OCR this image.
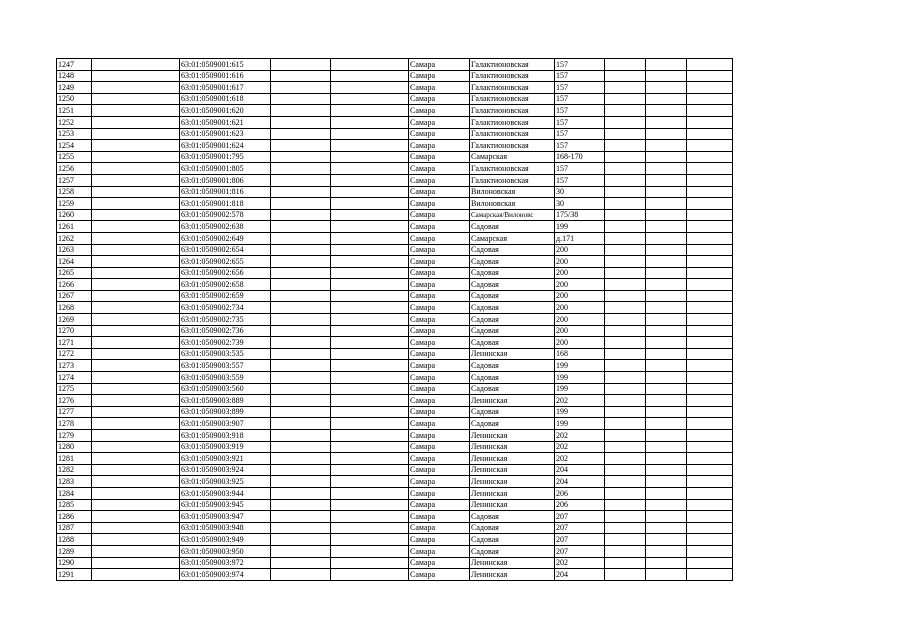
1247		63:01:0509001:615			Самара	Галактионовская	157			
1248		63:01:0509001:616			Самара	Галактионовская	157			
1249		63:01:0509001:617			Самара	Галактионовская	157			
1250		63:01:0509001:618			Самара	Галактионовская	157			
1251		63:01:0509001:620			Самара	Галактионовская	157			
1252		63:01:0509001:621			Самара	Галактионовская	157			
1253		63:01:0509001:623			Самара	Галактионовская	157			
1254		63:01:0509001:624			Самара	Галактионовская	157			
1255		63:01:0509001:795			Самара	Самарская	168-170			
1256		63:01:0509001:805			Самара	Галактионовская	157			
1257		63:01:0509001:806			Самара	Галактионовская	157			
1258		63:01:0509001:816			Самара	Вилоновская	30			
1259		63:01:0509001:818			Самара	Вилоновская	30			
1260		63:01:0509002:578			Самара	Самарская/Вилоновс	175/38			
1261		63:01:0509002:638			Самара	Садовая	199			
1262		63:01:0509002:649			Самара	Самарская	д.171			
1263		63:01:0509002:654			Самара	Садовая	200			
1264		63:01:0509002:655			Самара	Садовая	200			
1265		63:01:0509002:656			Самара	Садовая	200			
1266		63:01:0509002:658			Самара	Садовая	200			
1267		63:01:0509002:659			Самара	Садовая	200			
1268		63:01:0509002:734			Самара	Садовая	200			
1269		63:01:0509002:735			Самара	Садовая	200			
1270		63:01:0509002:736			Самара	Садовая	200			
1271		63:01:0509002:739			Самара	Садовая	200			
1272		63:01:0509003:535			Самара	Ленинская	168			
1273		63:01:0509003:557			Самара	Садовая	199			
1274		63:01:0509003:559			Самара	Садовая	199			
1275		63:01:0509003:560			Самара	Садовая	199			
1276		63:01:0509003:889			Самара	Ленинская	202			
1277		63:01:0509003:899			Самара	Садовая	199			
1278		63:01:0509003:907			Самара	Садовая	199			
1279		63:01:0509003:918			Самара	Ленинская	202			
1280		63:01:0509003:919			Самара	Ленинская	202			
1281		63:01:0509003:921			Самара	Ленинская	202			
1282		63:01:0509003:924			Самара	Ленинская	204			
1283		63:01:0509003:925			Самара	Ленинская	204			
1284		63:01:0509003:944			Самара	Ленинская	206			
1285		63:01:0509003:945			Самара	Ленинская	206			
1286		63:01:0509003:947			Самара	Садовая	207			
1287		63:01:0509003:948			Самара	Садовая	207			
1288		63:01:0509003:949			Самара	Садовая	207			
1289		63:01:0509003:950			Самара	Садовая	207			
1290		63:01:0509003:972			Самара	Ленинская	202			
1291		63:01:0509003:974			Самара	Ленинская	204			
